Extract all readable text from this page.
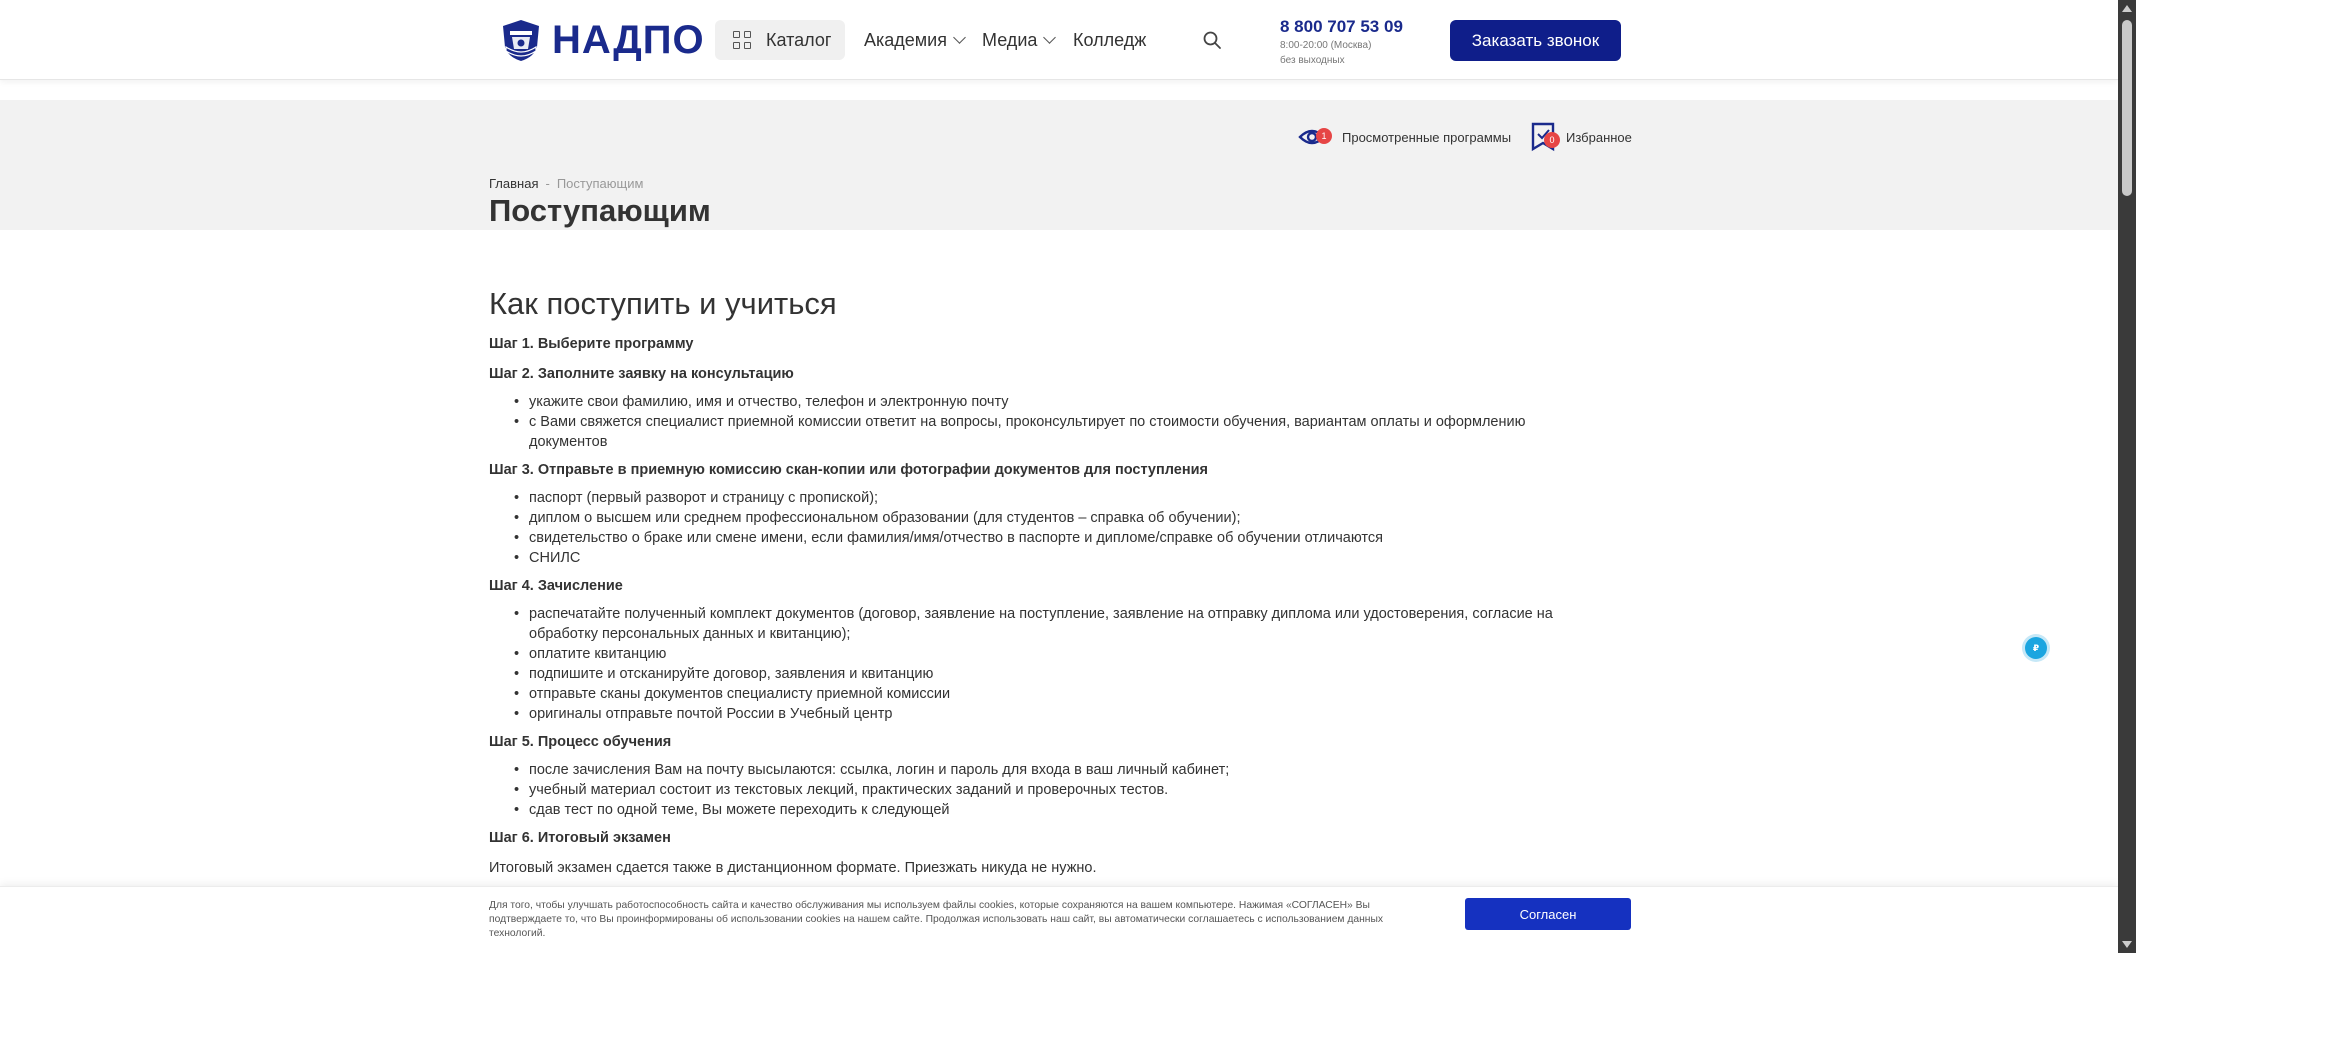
НАДПО	Каталог Академия Медиа Колледж
8 800 707 53 09
8:00-20:00 (Москва)
без выходных
Заказать звонок
1	Просмотренные программы	0 Избранное
Главная - Поступающим
Поступающим
Как поступить и учиться
Шаг 1. Выберите программу
Шаг 2. Заполните заявку на консультацию
• укажите свои фамилию, имя и отчество, телефон и электронную почту
• с Вами свяжется специалист приемной комиссии ответит на вопросы, проконсультирует по стоимости обучения, вариантам оплаты и оформлению документов
Шаг 3. Отправьте в приемную комиссию скан-копии или фотографии документов для поступления
• паспорт (первый разворот и страницу с пропиской);
• диплом о высшем или среднем профессиональном образовании (для студентов – справка об обучении);
• свидетельство о браке или смене имени, если фамилия/имя/отчество в паспорте и дипломе/справке об обучении отличаются
• СНИЛС
Шаг 4. Зачисление
• распечатайте полученный комплект документов (договор, заявление на поступление, заявление на отправку диплома или удостоверения, согласие на обработку персональных данных и квитанцию);
• оплатите квитанцию
• подпишите и отсканируйте договор, заявления и квитанцию
• отправьте сканы документов специалисту приемной комиссии
• оригиналы отправьте почтой России в Учебный центр
Шаг 5. Процесс обучения
• после зачисления Вам на почту высылаются: ссылка, логин и пароль для входа в ваш личный кабинет;
• учебный материал состоит из текстовых лекций, практических заданий и проверочных тестов.
• сдав тест по одной теме, Вы можете переходить к следующей
Шаг 6. Итоговый экзамен
Итоговый экзамен сдается также в дистанционном формате. Приезжать никуда не нужно.
₽
Для того, чтобы улучшать работоспособность сайта и качество обслуживания мы используем файлы cookies, которые сохраняются на вашем компьютере. Нажимая «СОГЛАСЕН» Вы подтверждаете то, что Вы проинформированы об использовании cookies на нашем сайте. Продолжая использовать наш сайт, вы автоматически соглашаетесь с использованием данных технологий.
Согласен
